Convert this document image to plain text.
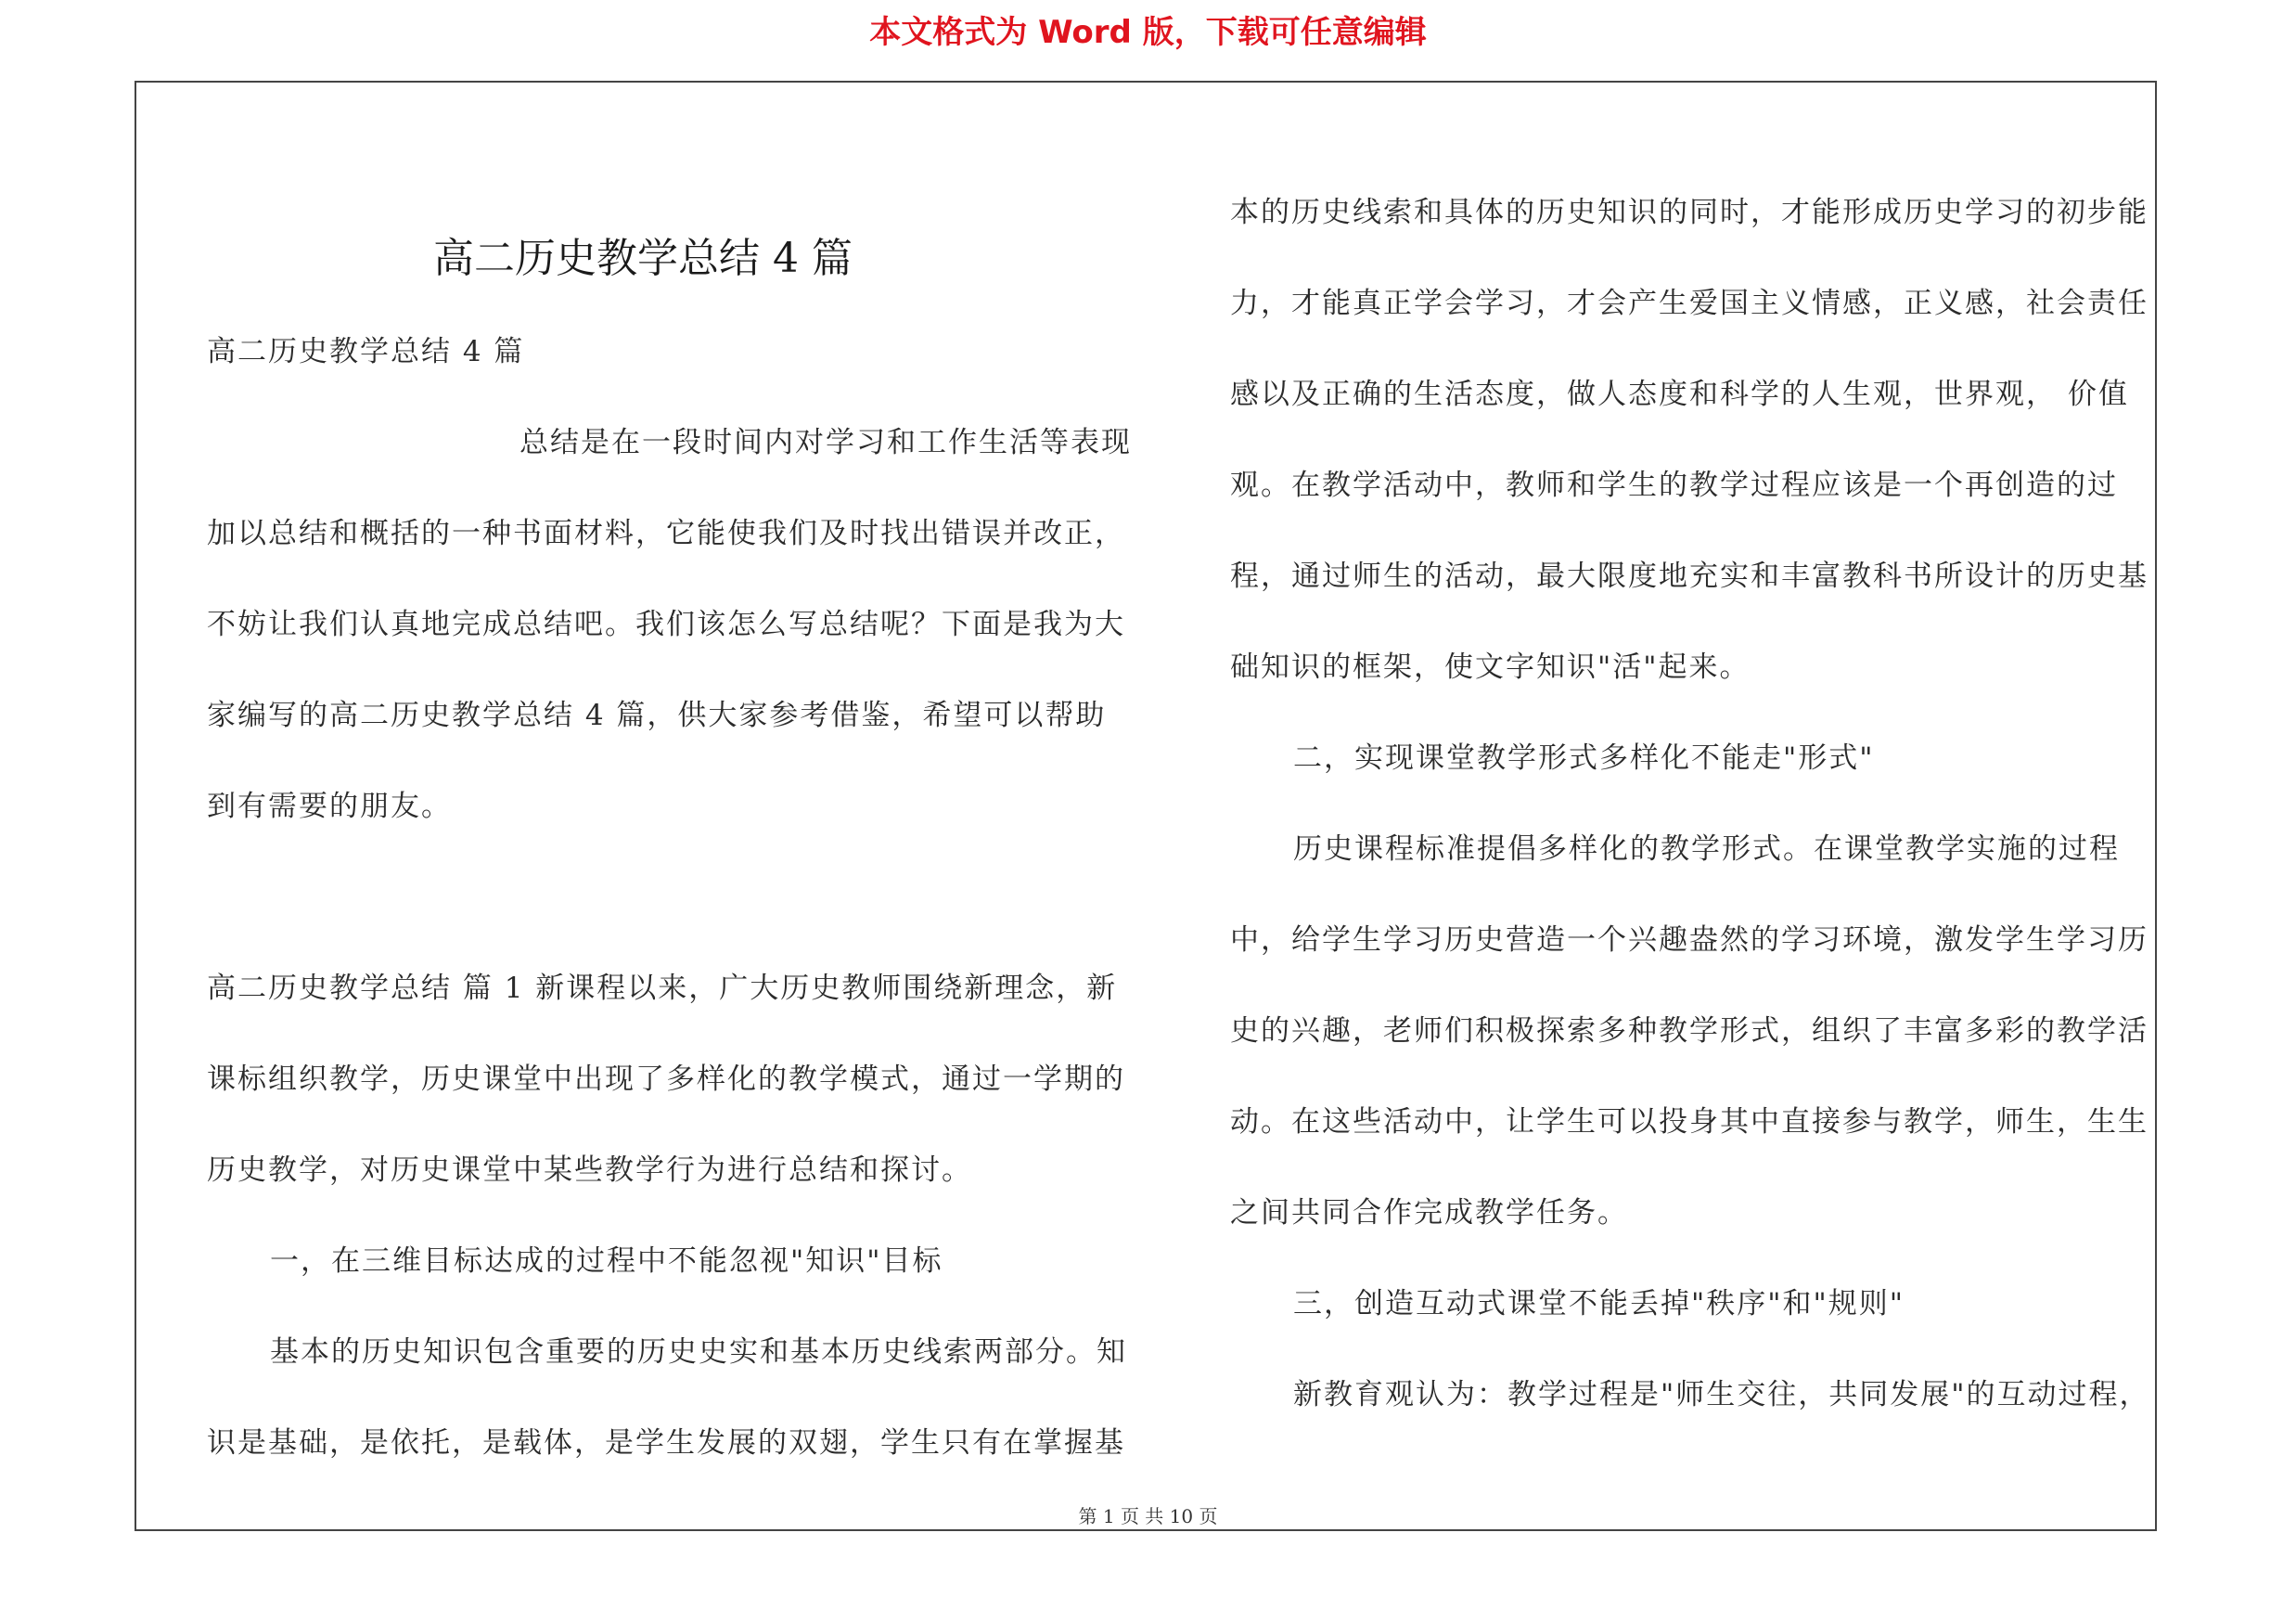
本文格式为 Word 版，下载可任意编辑
高二历史教学总结 4 篇

高二历史教学总结 4 篇

总结是在一段时间内对学习和工作生活等表现加以总结和概括的一种书面材料，它能使我们及时找出错误并改正，不妨让我们认真地完成总结吧。我们该怎么写总结呢？下面是我为大家编写的高二历史教学总结 4 篇，供大家参考借鉴，希望可以帮助到有需要的朋友。

高二历史教学总结 篇 1 新课程以来，广大历史教师围绕新理念，新课标组织教学，历史课堂中出现了多样化的教学模式，通过一学期的历史教学，对历史课堂中某些教学行为进行总结和探讨。

一，在三维目标达成的过程中不能忽视"知识"目标

基本的历史知识包含重要的历史史实和基本历史线索两部分。知识是基础，是依托，是载体，是学生发展的双翅，学生只有在掌握基

本的历史线索和具体的历史知识的同时，才能形成历史学习的初步能力，才能真正学会学习，才会产生爱国主义情感，正义感，社会责任感以及正确的生活态度，做人态度和科学的人生观，世界观， 价值观。在教学活动中，教师和学生的教学过程应该是一个再创造的过程，通过师生的活动，最大限度地充实和丰富教科书所设计的历史基础知识的框架，使文字知识"活"起来。

二，实现课堂教学形式多样化不能走"形式"

历史课程标准提倡多样化的教学形式。在课堂教学实施的过程中，给学生学习历史营造一个兴趣盎然的学习环境，激发学生学习历史的兴趣，老师们积极探索多种教学形式，组织了丰富多彩的教学活动。在这些活动中，让学生可以投身其中直接参与教学，师生，生生之间共同合作完成教学任务。

三，创造互动式课堂不能丢掉"秩序"和"规则"

新教育观认为：教学过程是"师生交往，共同发展"的互动过程，

第 1 页 共 10 页
